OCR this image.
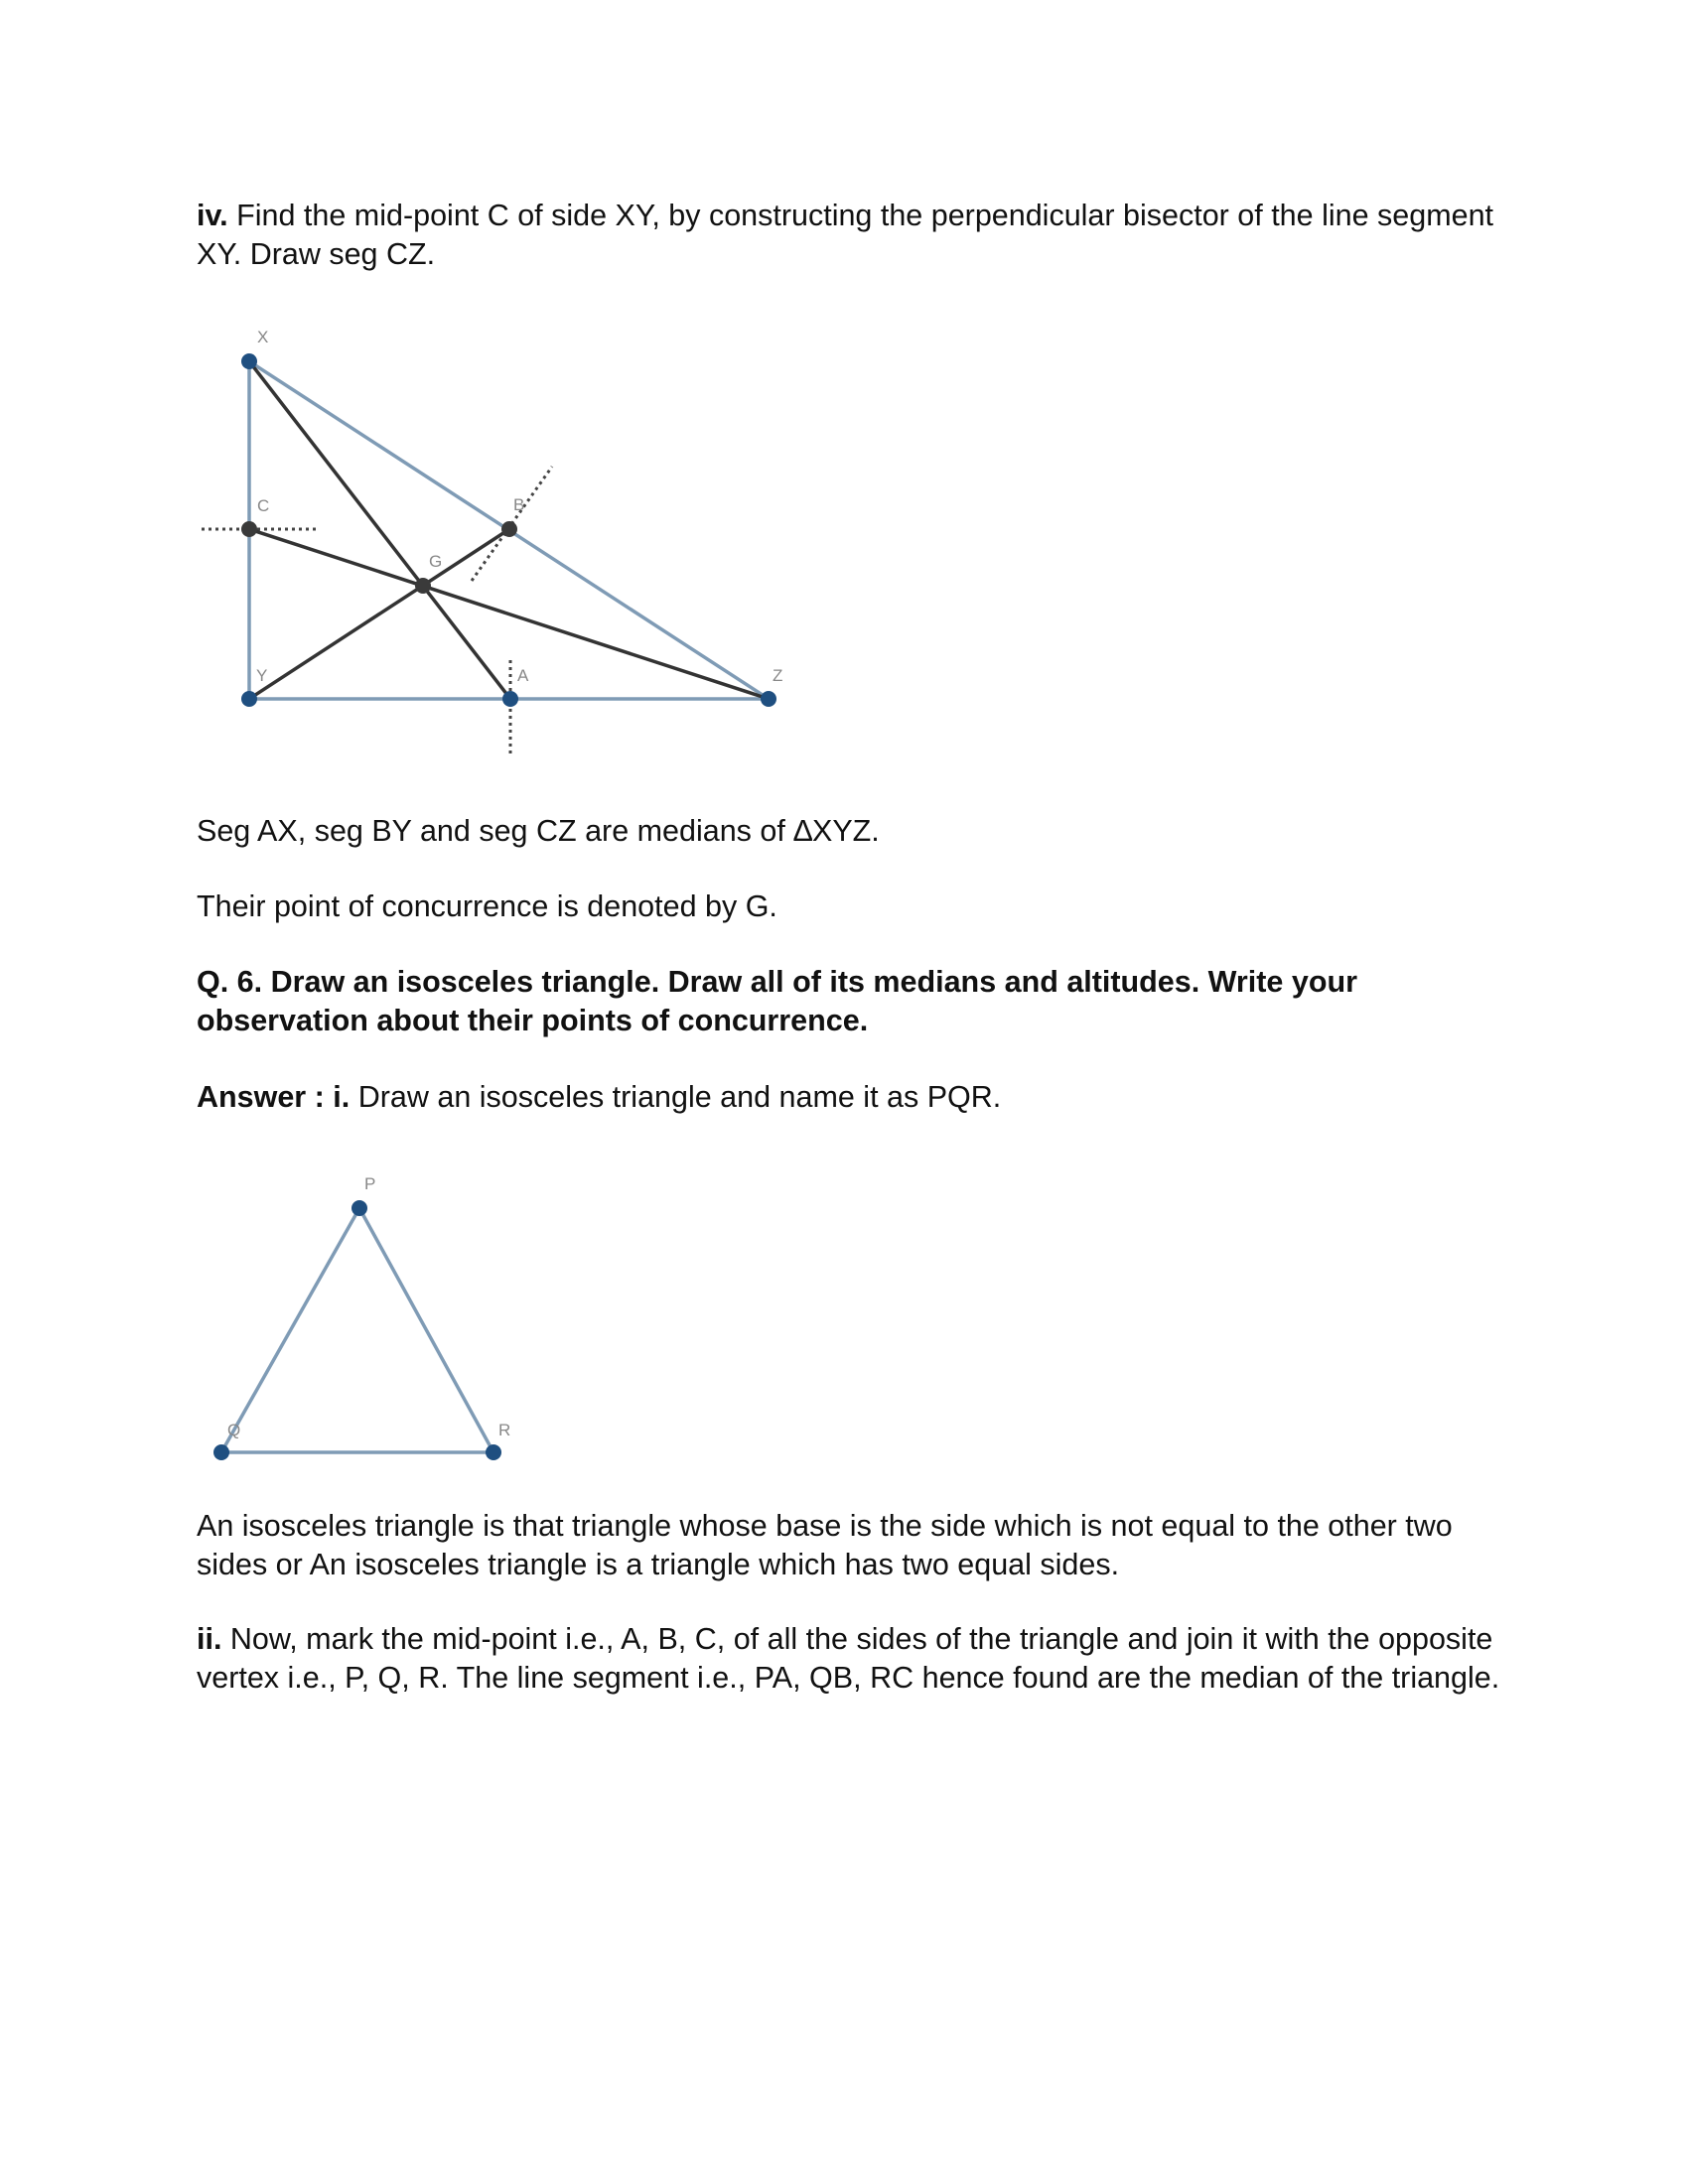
iv. Find the mid-point C of side XY, by constructing the perpendicular bisector of the line segment XY. Draw seg CZ.

X
C	B
G
Y	A	Z

Seg AX, seg BY and seg CZ are medians of ∆XYZ.

Their point of concurrence is denoted by G.

Q. 6. Draw an isosceles triangle. Draw all of its medians and altitudes. Write your observation about their points of concurrence.

Answer : i. Draw an isosceles triangle and name it as PQR.

P
Q	R

An isosceles triangle is that triangle whose base is the side which is not equal to the other two sides or An isosceles triangle is a triangle which has two equal sides.

ii. Now, mark the mid-point i.e., A, B, C, of all the sides of the triangle and join it with the opposite vertex i.e., P, Q, R. The line segment i.e., PA, QB, RC hence found are the median of the triangle.
